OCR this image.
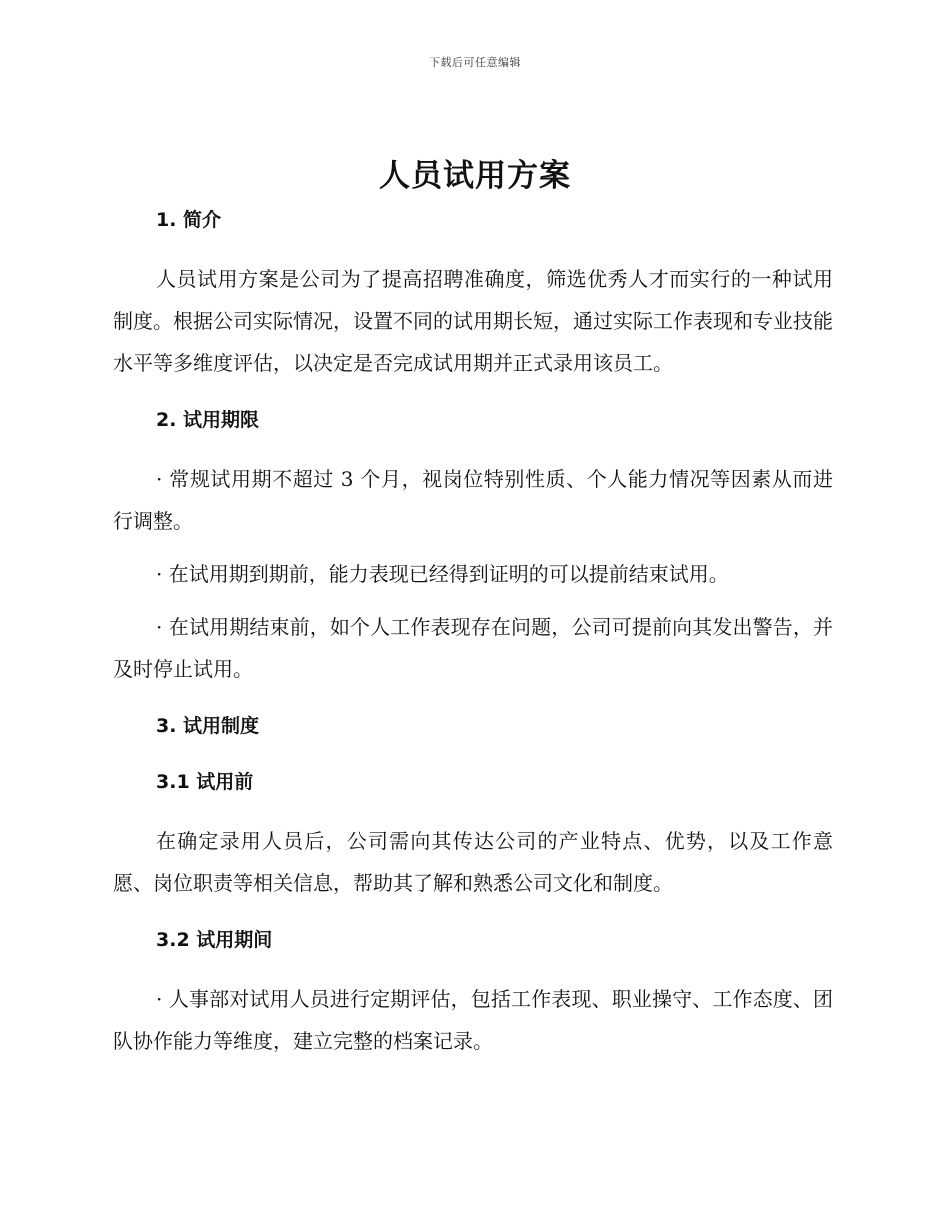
下载后可任意编辑
人员试用方案
1. 简介

人员试用方案是公司为了提高招聘准确度，筛选优秀人才而实行的一种试用制度。根据公司实际情况，设置不同的试用期长短，通过实际工作表现和专业技能水平等多维度评估，以决定是否完成试用期并正式录用该员工。

2. 试用期限

· 常规试用期不超过 3 个月，视岗位特别性质、个人能力情况等因素从而进行调整。

· 在试用期到期前，能力表现已经得到证明的可以提前结束试用。

· 在试用期结束前，如个人工作表现存在问题，公司可提前向其发出警告，并及时停止试用。

3. 试用制度
3.1 试用前

在确定录用人员后，公司需向其传达公司的产业特点、优势，以及工作意愿、岗位职责等相关信息，帮助其了解和熟悉公司文化和制度。

3.2 试用期间

· 人事部对试用人员进行定期评估，包括工作表现、职业操守、工作态度、团队协作能力等维度，建立完整的档案记录。
